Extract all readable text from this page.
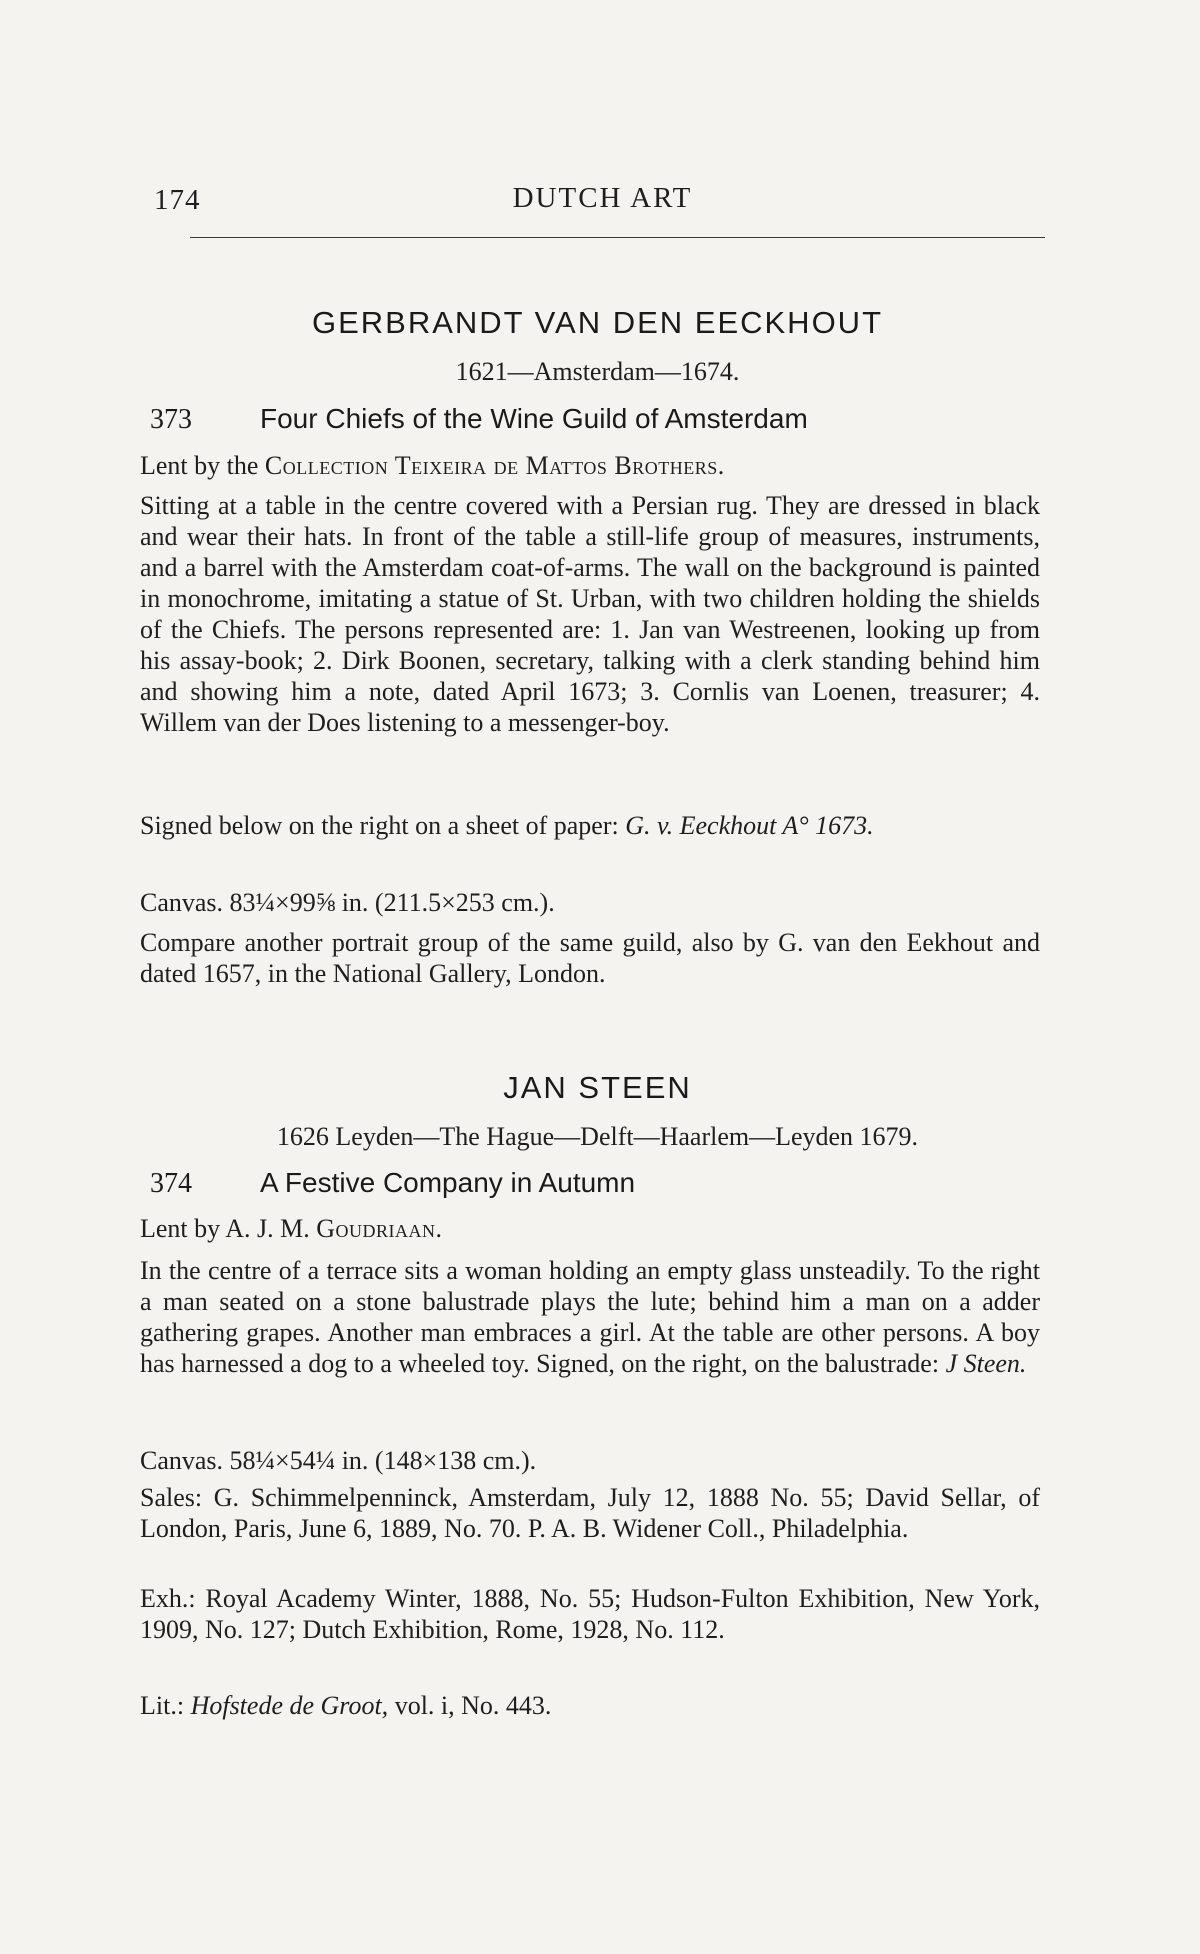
174	DUTCH ART
GERBRANDT VAN DEN EECKHOUT
1621—Amsterdam—1674.
373 Four Chiefs of the Wine Guild of Amsterdam
Lent by the Collection Teixeira de Mattos Brothers.
Sitting at a table in the centre covered with a Persian rug. They are dressed in black and wear their hats. In front of the table a still-life group of measures, instruments, and a barrel with the Amsterdam coat-of-arms. The wall on the background is painted in monochrome, imitating a statue of St. Urban, with two children holding the shields of the Chiefs. The persons represented are: 1. Jan van Westreenen, looking up from his assay-book; 2. Dirk Boonen, secretary, talking with a clerk standing behind him and showing him a note, dated April 1673; 3. Cornlis van Loenen, treasurer; 4. Willem van der Does listening to a messenger-boy.
Signed below on the right on a sheet of paper: G. v. Eeckhout A° 1673.
Canvas. 83¼×99⅝ in. (211.5×253 cm.).
Compare another portrait group of the same guild, also by G. van den Eekhout and dated 1657, in the National Gallery, London.
JAN STEEN
1626 Leyden—The Hague—Delft—Haarlem—Leyden 1679.
374 A Festive Company in Autumn
Lent by A. J. M. Goudriaan.
In the centre of a terrace sits a woman holding an empty glass unsteadily. To the right a man seated on a stone balustrade plays the lute; behind him a man on a adder gathering grapes. Another man embraces a girl. At the table are other persons. A boy has harnessed a dog to a wheeled toy. Signed, on the right, on the balustrade: J Steen.
Canvas. 58¼×54¼ in. (148×138 cm.).
Sales: G. Schimmelpenninck, Amsterdam, July 12, 1888 No. 55; David Sellar, of London, Paris, June 6, 1889, No. 70. P. A. B. Widener Coll., Philadelphia.
Exh.: Royal Academy Winter, 1888, No. 55; Hudson-Fulton Exhibition, New York, 1909, No. 127; Dutch Exhibition, Rome, 1928, No. 112.
Lit.: Hofstede de Groot, vol. i, No. 443.
